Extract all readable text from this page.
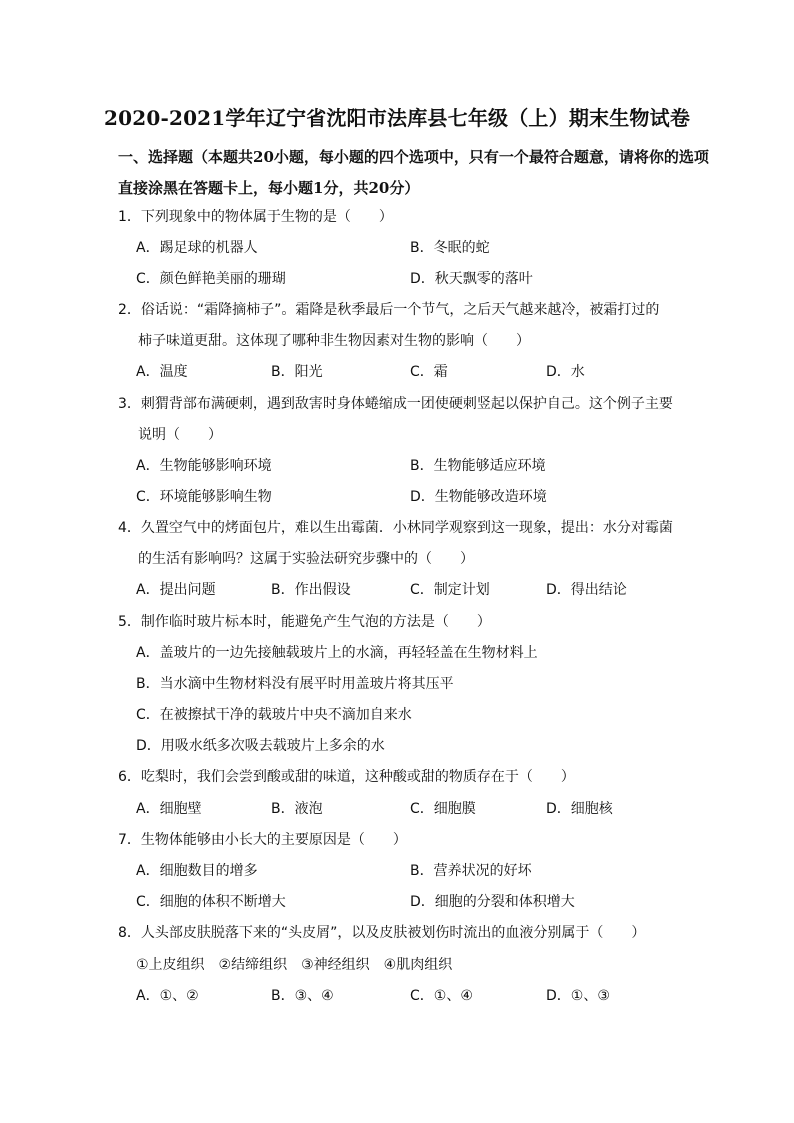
2020-2021学年辽宁省沈阳市法库县七年级（上）期末生物试卷
一、选择题（本题共20小题，每小题的四个选项中，只有一个最符合题意，请将你的选项
直接涂黑在答题卡上，每小题1分，共20分）
1．下列现象中的物体属于生物的是（　　）
A．踢足球的机器人	B．冬眠的蛇
C．颜色鲜艳美丽的珊瑚	D．秋天飘零的落叶
2．俗话说：“霜降摘柿子”。霜降是秋季最后一个节气，之后天气越来越冷，被霜打过的
柿子味道更甜。这体现了哪种非生物因素对生物的影响（　　）
A．温度	B．阳光	C．霜	D．水
3．刺猬背部布满硬刺，遇到敌害时身体蜷缩成一团使硬刺竖起以保护自己。这个例子主要
说明（　　）
A．生物能够影响环境	B．生物能够适应环境
C．环境能够影响生物	D．生物能够改造环境
4．久置空气中的烤面包片，难以生出霉菌．小林同学观察到这一现象，提出：水分对霉菌
的生活有影响吗？这属于实验法研究步骤中的（　　）
A．提出问题	B．作出假设	C．制定计划	D．得出结论
5．制作临时玻片标本时，能避免产生气泡的方法是（　　）
A．盖玻片的一边先接触载玻片上的水滴，再轻轻盖在生物材料上
B．当水滴中生物材料没有展平时用盖玻片将其压平
C．在被擦拭干净的载玻片中央不滴加自来水
D．用吸水纸多次吸去载玻片上多余的水
6．吃梨时，我们会尝到酸或甜的味道，这种酸或甜的物质存在于（　　）
A．细胞壁	B．液泡	C．细胞膜	D．细胞核
7．生物体能够由小长大的主要原因是（　　）
A．细胞数目的增多	B．营养状况的好坏
C．细胞的体积不断增大	D．细胞的分裂和体积增大
8．人头部皮肤脱落下来的“头皮屑”，以及皮肤被划伤时流出的血液分别属于（　　）
①上皮组织　②结缔组织　③神经组织　④肌肉组织
A．①、②	B．③、④	C．①、④	D．①、③
